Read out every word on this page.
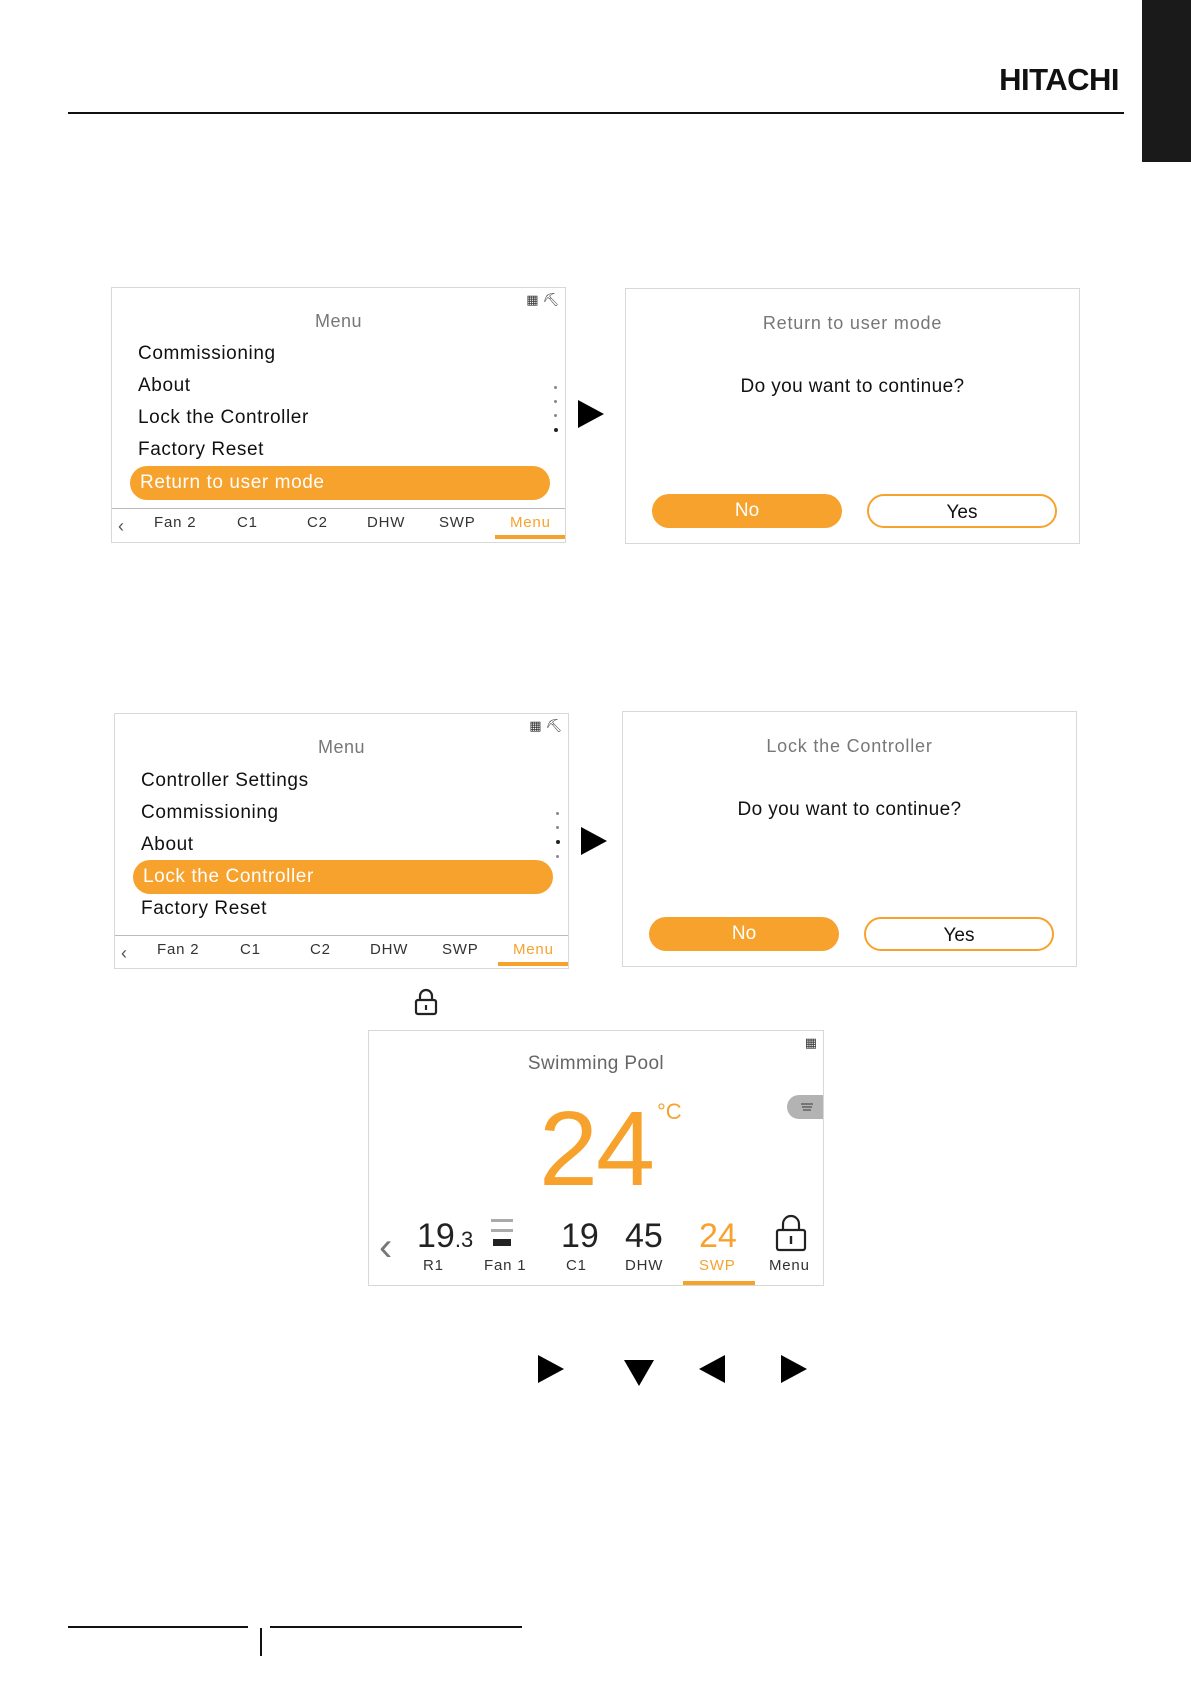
HITACHI
▦ ⛏
Menu
Commissioning
About
Lock the Controller
Factory Reset
Return to user mode
‹ Fan 2	C1	C2	DHW SWP Menu
Return to user mode
Do you want to continue?
No	Yes
▦ ⛏
Menu
Controller Settings
Commissioning
About
Lock the Controller
Factory Reset
‹ Fan 2	C1	C2	DHW SWP Menu
Lock the Controller
Do you want to continue?
No	Yes
▦
Swimming Pool
24 °C
‹ 19.3
R1	Fan 1
19
C1
45
DHW
24
SWP Menu
